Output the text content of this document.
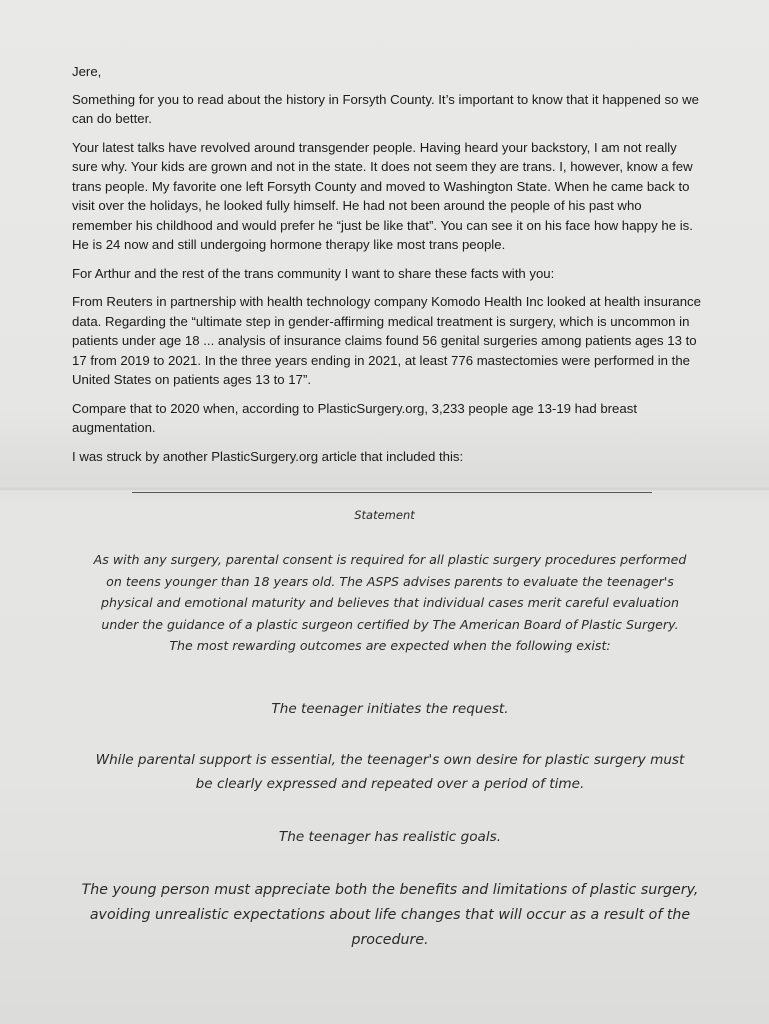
Jere,

Something for you to read about the history in Forsyth County. It’s important to know that it happened so we can do better.

Your latest talks have revolved around transgender people. Having heard your backstory, I am not really sure why. Your kids are grown and not in the state. It does not seem they are trans. I, however, know a few trans people. My favorite one left Forsyth County and moved to Washington State. When he came back to visit over the holidays, he looked fully himself. He had not been around the people of his past who remember his childhood and would prefer he “just be like that”. You can see it on his face how happy he is. He is 24 now and still undergoing hormone therapy like most trans people.

For Arthur and the rest of the trans community I want to share these facts with you:

From Reuters in partnership with health technology company Komodo Health Inc looked at health insurance data. Regarding the “ultimate step in gender-affirming medical treatment is surgery, which is uncommon in patients under age 18 ... analysis of insurance claims found 56 genital surgeries among patients ages 13 to 17 from 2019 to 2021. In the three years ending in 2021, at least 776 mastectomies were performed in the United States on patients ages 13 to 17”.

Compare that to 2020 when, according to PlasticSurgery.org, 3,233 people age 13-19 had breast augmentation.

I was struck by another PlasticSurgery.org article that included this:

Statement
As with any surgery, parental consent is required for all plastic surgery procedures performed on teens younger than 18 years old. The ASPS advises parents to evaluate the teenager's physical and emotional maturity and believes that individual cases merit careful evaluation under the guidance of a plastic surgeon certified by The American Board of Plastic Surgery. The most rewarding outcomes are expected when the following exist:
The teenager initiates the request.
While parental support is essential, the teenager's own desire for plastic surgery must be clearly expressed and repeated over a period of time.
The teenager has realistic goals.
The young person must appreciate both the benefits and limitations of plastic surgery, avoiding unrealistic expectations about life changes that will occur as a result of the procedure.
